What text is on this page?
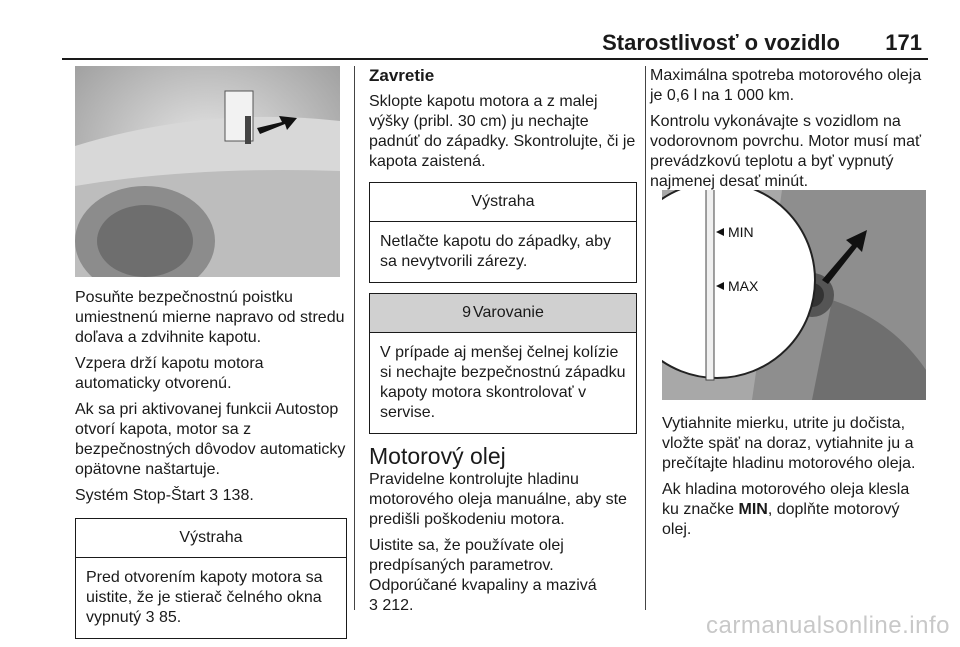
Starostlivosť o vozidlo 171

Posuňte bezpečnostnú poistku umiestnenú mierne napravo od stredu doľava a zdvihnite kapotu.

Vzpera drží kapotu motora automaticky otvorenú.

Ak sa pri aktivovanej funkcii Autostop otvorí kapota, motor sa z bezpečnostných dôvodov automaticky opätovne naštartuje.

Systém Stop-Štart 3 138.

Výstraha
Pred otvorením kapoty motora sa uistite, že je stierač čelného okna vypnutý 3 85.
Zavretie

Sklopte kapotu motora a z malej výšky (pribl. 30 cm) ju nechajte padnúť do západky. Skontrolujte, či je kapota zaistená.

Výstraha
Netlačte kapotu do západky, aby sa nevytvorili zárezy.
9 Varovanie
V prípade aj menšej čelnej kolízie si nechajte bezpečnostnú západku kapoty motora skontrolovať v servise.
Motorový olej

Pravidelne kontrolujte hladinu motorového oleja manuálne, aby ste predišli poškodeniu motora.

Uistite sa, že používate olej predpísaných parametrov.

Odporúčané kvapaliny a mazivá
3 212.

Maximálna spotreba motorového oleja je 0,6 l na 1 000 km.

Kontrolu vykonávajte s vozidlom na vodorovnom povrchu. Motor musí mať prevádzkovú teplotu a byť vypnutý najmenej desať minút.

MIN
MAX

Vytiahnite mierku, utrite ju dočista, vložte späť na doraz, vytiahnite ju a prečítajte hladinu motorového oleja.

Ak hladina motorového oleja klesla ku značke MIN, doplňte motorový olej.

carmanualsonline.info
